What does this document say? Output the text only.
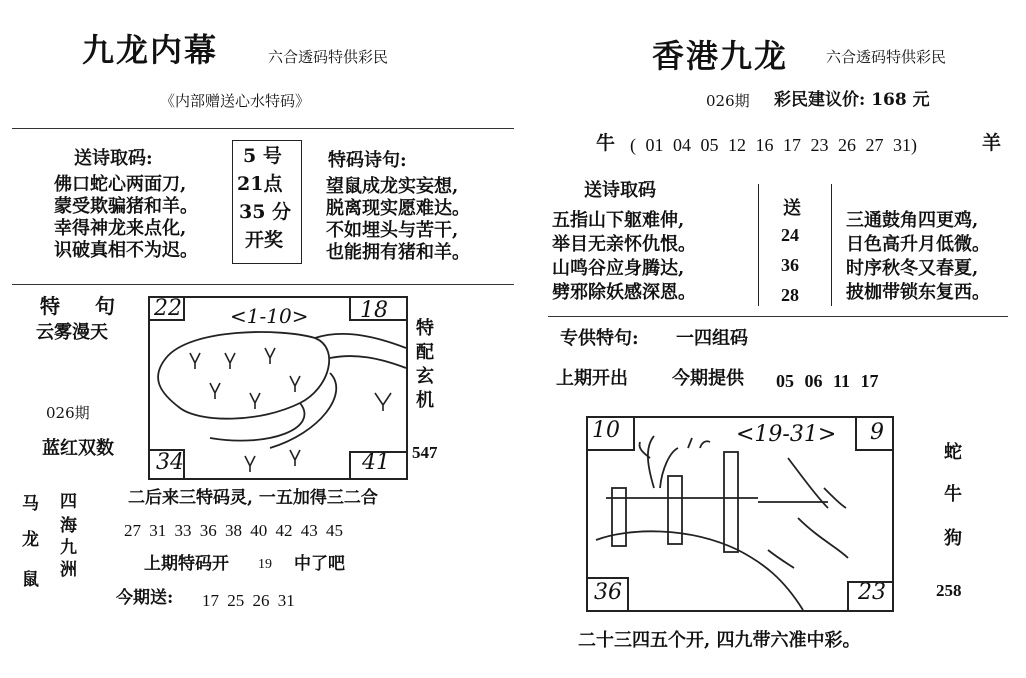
九龙内幕	六合透码特供彩民
《内部赠送心水特码》
送诗取码:
佛口蛇心两面刀,
蒙受欺骗猪和羊。
幸得神龙来点化,
识破真相不为迟。
5 号
21点
35 分
开奖
特码诗句:
望鼠成龙实妄想,
脱离现实愿难达。
不如埋头与苦干,
也能拥有猪和羊。
特 句
云雾漫天
026期
蓝红双数
22 <1-10> 18
34	41
特配玄机
547
马
龙
鼠
四
海
九
洲
二后来三特码灵, 一五加得三二合
27 31 33 36 38 40 42 43 45
上期特码开 19 中了吧
今期送: 17 25 26 31
香港九龙	六合透码特供彩民
026期 彩民建议价: 168 元
牛 ( 01 04 05 12 16 17 23 26 27 31)	羊
送诗取码
五指山下躯难伸,
举目无亲怀仇恨。
山鸣谷应身腾达,
劈邪除妖感深恩。
送
24
36
28
三通鼓角四更鸡,
日色高升月低微。
时序秋冬又春夏,
披枷带锁东复西。
专供特句: 一四组码
上期开出 今期提供 05 06 11 17
10	<19-31> 9
36	23
蛇
牛
狗
258
二十三四五个开, 四九带六准中彩。
